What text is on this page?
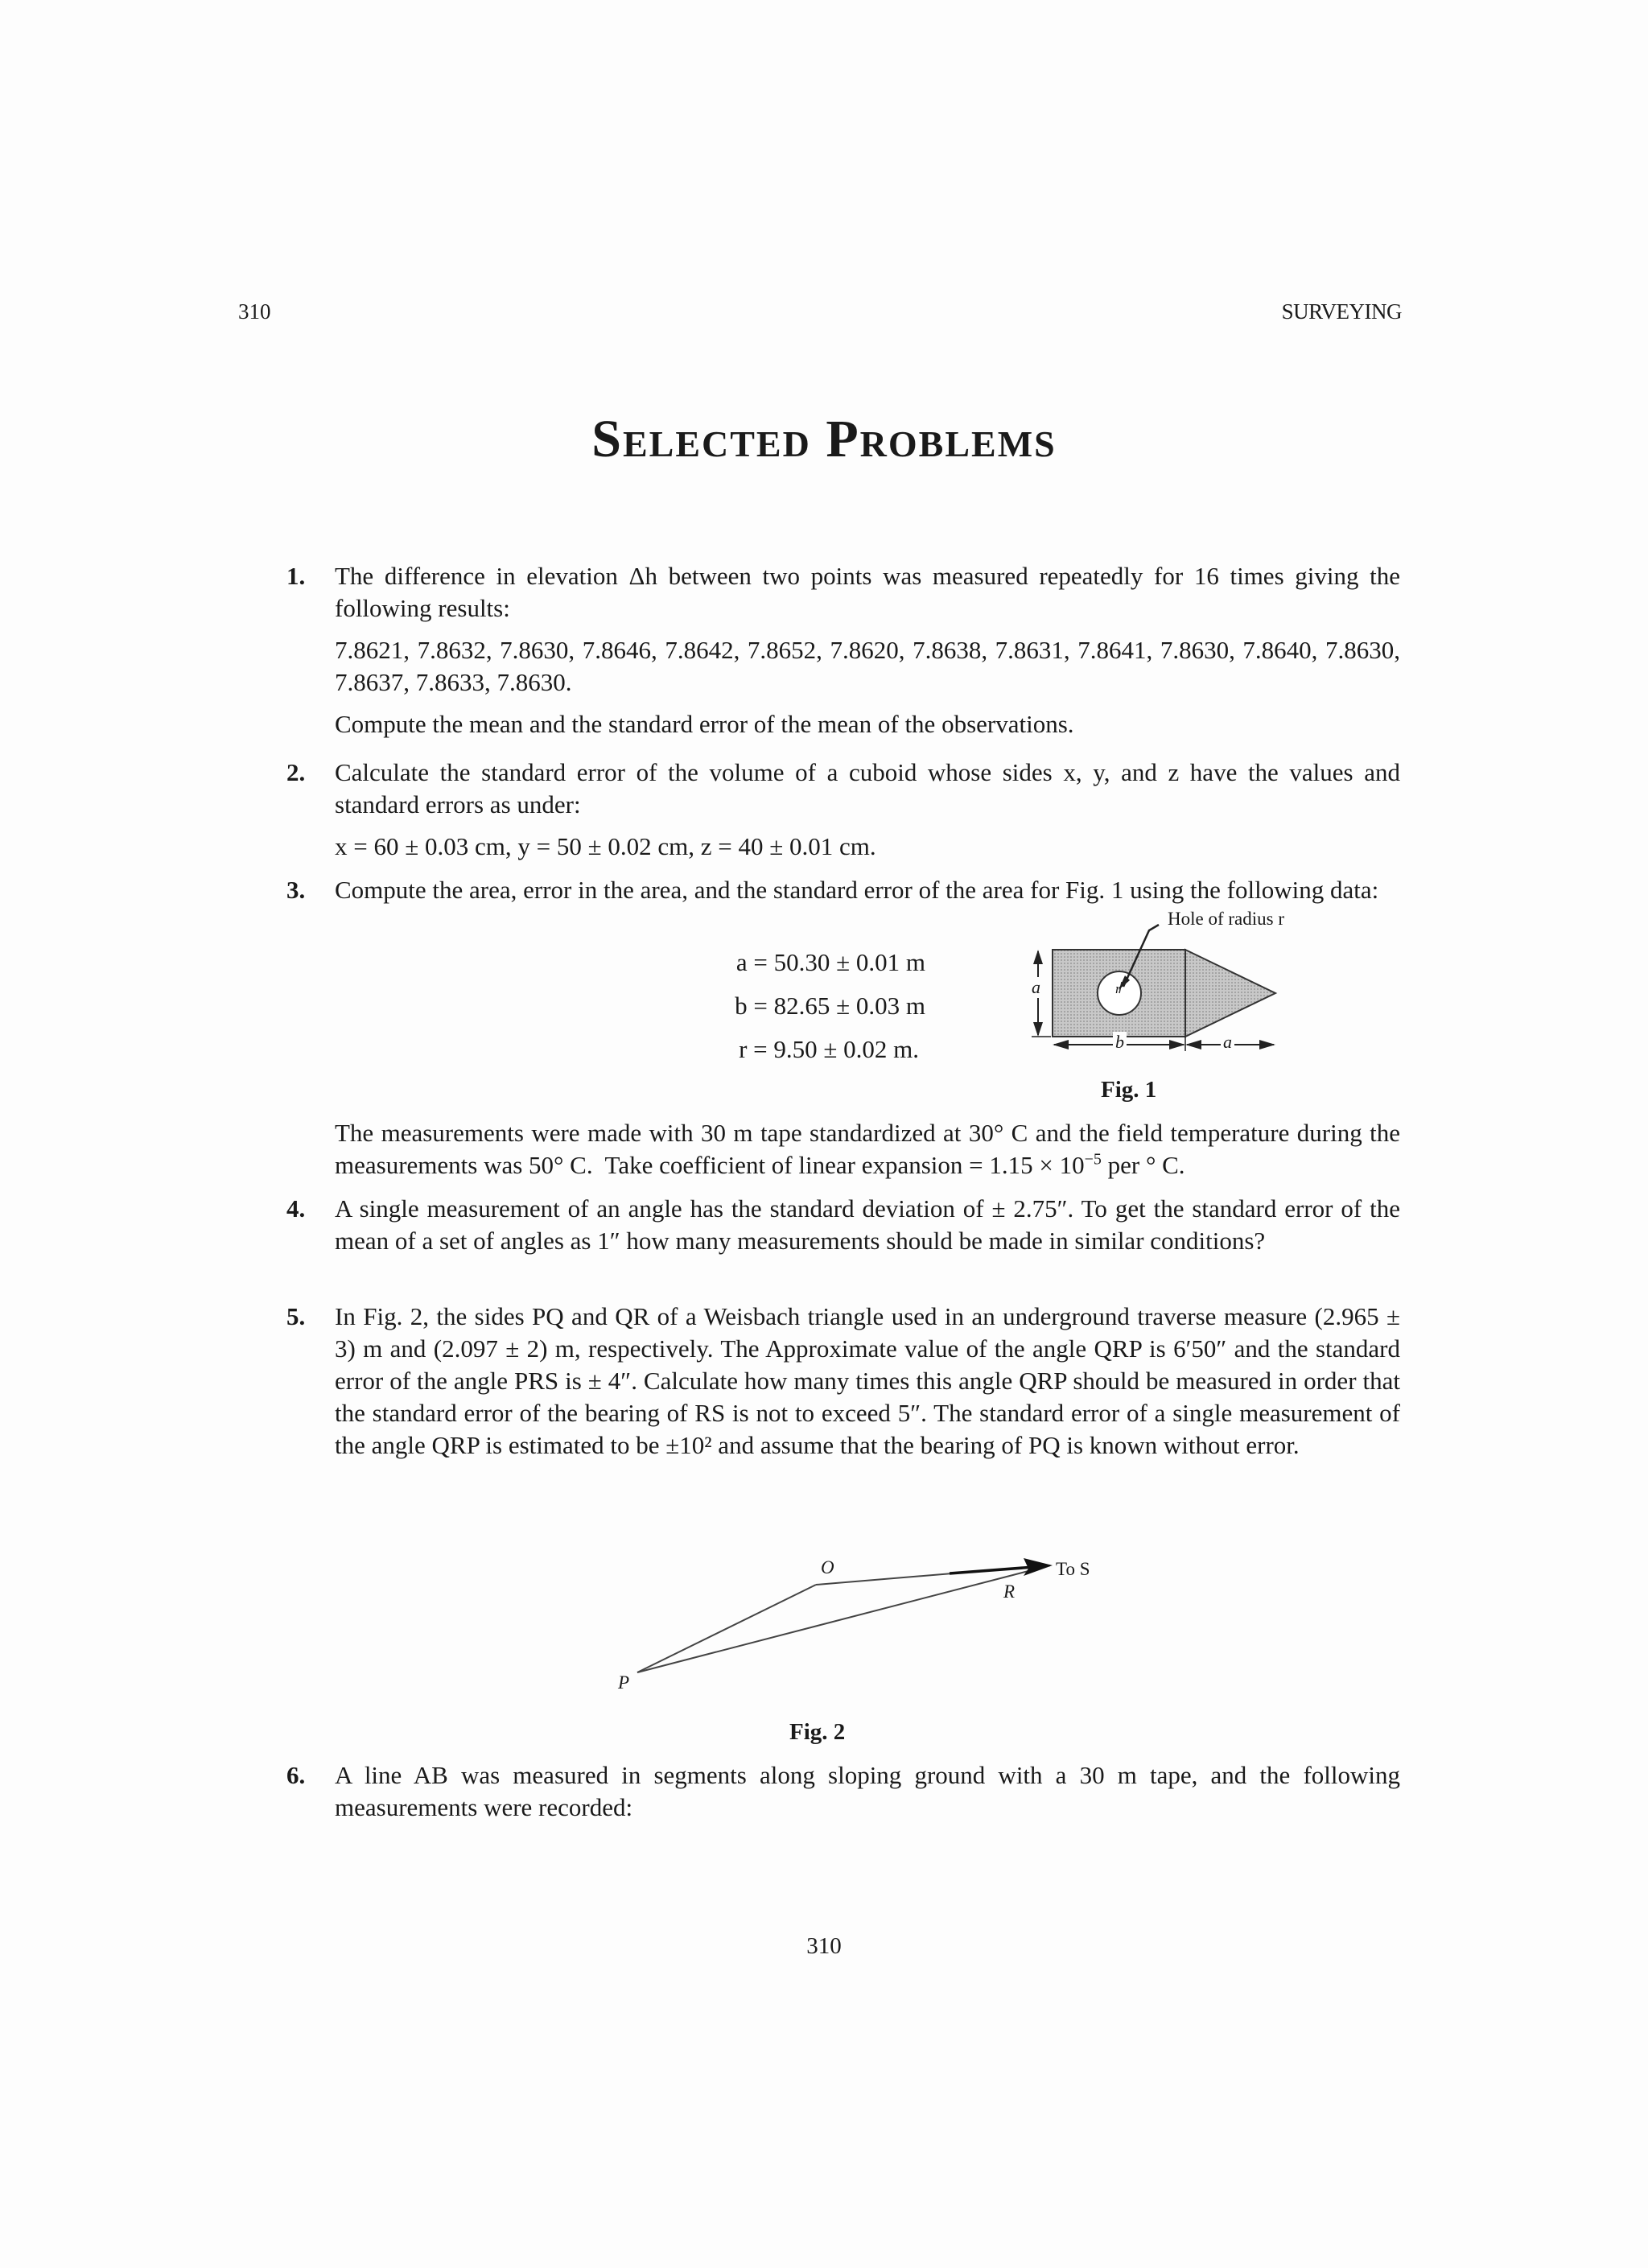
310	SURVEYING
Selected Problems
1. The difference in elevation Δh between two points was measured repeatedly for 16 times giving the following results:
7.8621, 7.8632, 7.8630, 7.8646, 7.8642, 7.8652, 7.8620, 7.8638, 7.8631, 7.8641, 7.8630, 7.8640, 7.8630, 7.8637, 7.8633, 7.8630.
Compute the mean and the standard error of the mean of the observations.
2. Calculate the standard error of the volume of a cuboid whose sides x, y, and z have the values and standard errors as under:
x = 60 ± 0.03 cm, y = 50 ± 0.02 cm, z = 40 ± 0.01 cm.
3. Compute the area, error in the area, and the standard error of the area for Fig. 1 using the following data:
a = 50.30 ± 0.01 m
b = 82.65 ± 0.03 m
r = 9.50 ± 0.02 m.
Hole of radius r
a
b	a
r
Fig. 1
The measurements were made with 30 m tape standardized at 30° C and the field temperature during the measurements was 50° C.  Take coefficient of linear expansion = $1.15 \times 10^{-5}$ per ° C.
4. A single measurement of an angle has the standard deviation of ± 2.75″. To get the standard error of the mean of a set of angles as 1″ how many measurements should be made in similar conditions?
5. In Fig. 2, the sides PQ and QR of a Weisbach triangle used in an underground traverse measure (2.965 ± 3) m and (2.097 ± 2) m, respectively. The Approximate value of the angle QRP is 6′50″ and the standard error of the angle PRS is ± 4″. Calculate how many times this angle QRP should be measured in order that the standard error of the bearing of RS is not to exceed 5″. The standard error of a single measurement of the angle QRP is estimated to be ±10² and assume that the bearing of PQ is known without error.
O
R
P
To S
Fig. 2
6. A line AB was measured in segments along sloping ground with a 30 m tape, and the following measurements were recorded:
310
